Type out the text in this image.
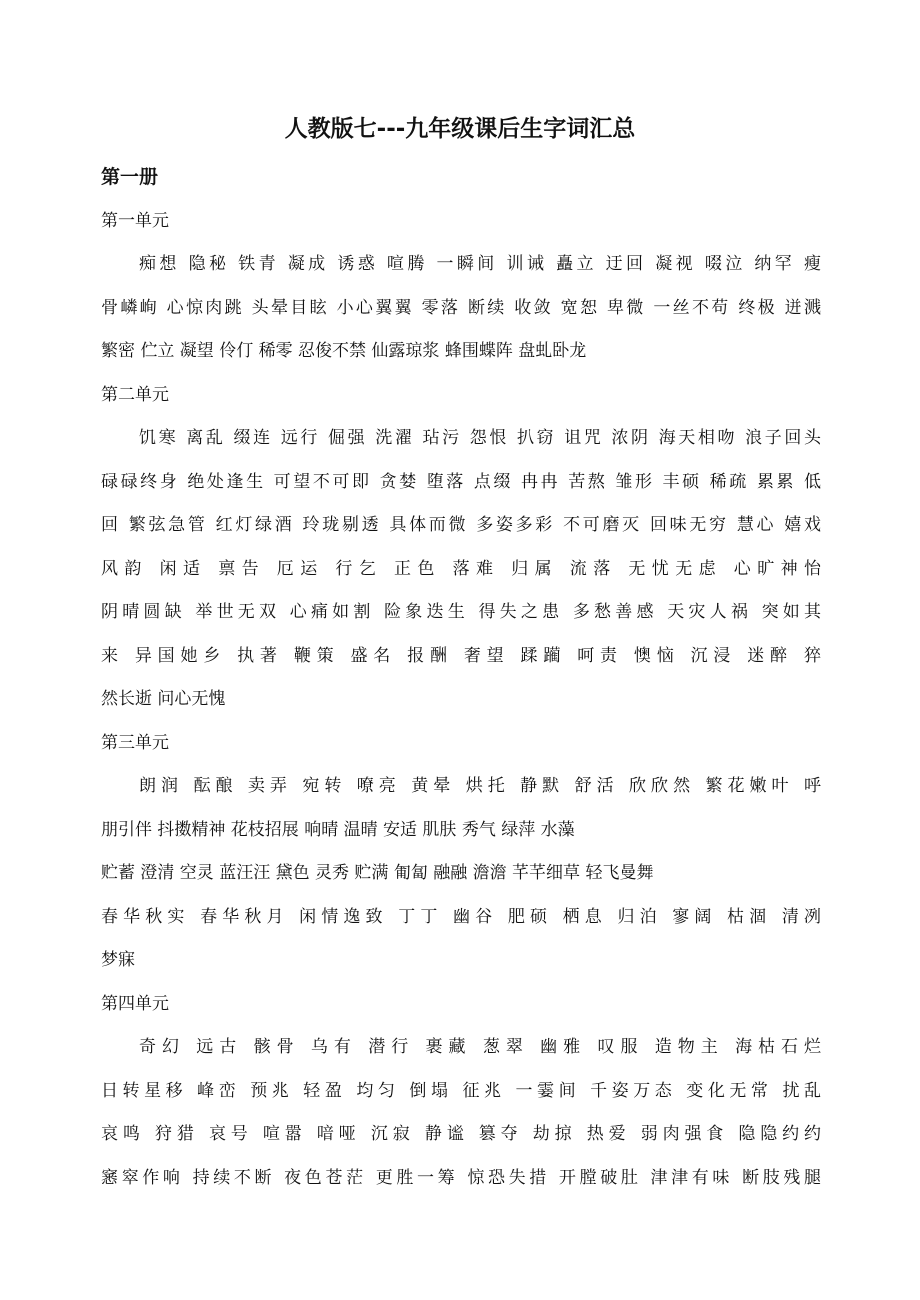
人教版七---九年级课后生字词汇总
第一册
第一单元

痴想 隐秘 铁青 凝成 诱惑 喧腾 一瞬间 训诫 矗立 迂回 凝视 啜泣 纳罕 瘦

骨嶙峋 心惊肉跳 头晕目眩 小心翼翼 零落 断续 收敛 宽恕 卑微 一丝不苟 终极 迸溅

繁密 伫立 凝望 伶仃 稀零 忍俊不禁 仙露琼浆 蜂围蝶阵 盘虬卧龙

第二单元

饥寒 离乱 缀连 远行 倔强 洗濯 玷污 怨恨 扒窃 诅咒 浓阴 海天相吻 浪子回头

碌碌终身 绝处逢生 可望不可即 贪婪 堕落 点缀 冉冉 苦熬 雏形 丰硕 稀疏 累累 低

回 繁弦急管 红灯绿酒 玲珑剔透 具体而微 多姿多彩 不可磨灭 回味无穷 慧心 嬉戏

风韵 闲适 禀告 厄运 行乞 正色 落难 归属 流落 无忧无虑 心旷神怡

阴晴圆缺 举世无双 心痛如割 险象迭生 得失之患 多愁善感 天灾人祸 突如其

来 异国她乡 执著 鞭策 盛名 报酬 奢望 蹂躏 呵责 懊恼 沉浸 迷醉 猝

然长逝 问心无愧

第三单元

朗润 酝酿 卖弄 宛转 嘹亮 黄晕 烘托 静默 舒活 欣欣然 繁花嫩叶 呼

朋引伴 抖擞精神 花枝招展 响晴 温晴 安适 肌肤 秀气 绿萍 水藻

贮蓄 澄清 空灵 蓝汪汪 黛色 灵秀 贮满 匍匐 融融 澹澹 芊芊细草 轻飞曼舞

春华秋实 春华秋月 闲情逸致 丁丁 幽谷 肥硕 栖息 归泊 寥阔 枯涸 清冽

梦寐

第四单元

奇幻 远古 骸骨 乌有 潜行 裹藏 葱翠 幽雅 叹服 造物主 海枯石烂

日转星移 峰峦 预兆 轻盈 均匀 倒塌 征兆 一霎间 千姿万态 变化无常 扰乱

哀鸣 狩猎 哀号 喧嚣 喑哑 沉寂 静谧 篡夺 劫掠 热爱 弱肉强食 隐隐约约

窸窣作响 持续不断 夜色苍茫 更胜一筹 惊恐失措 开膛破肚 津津有味 断肢残腿
